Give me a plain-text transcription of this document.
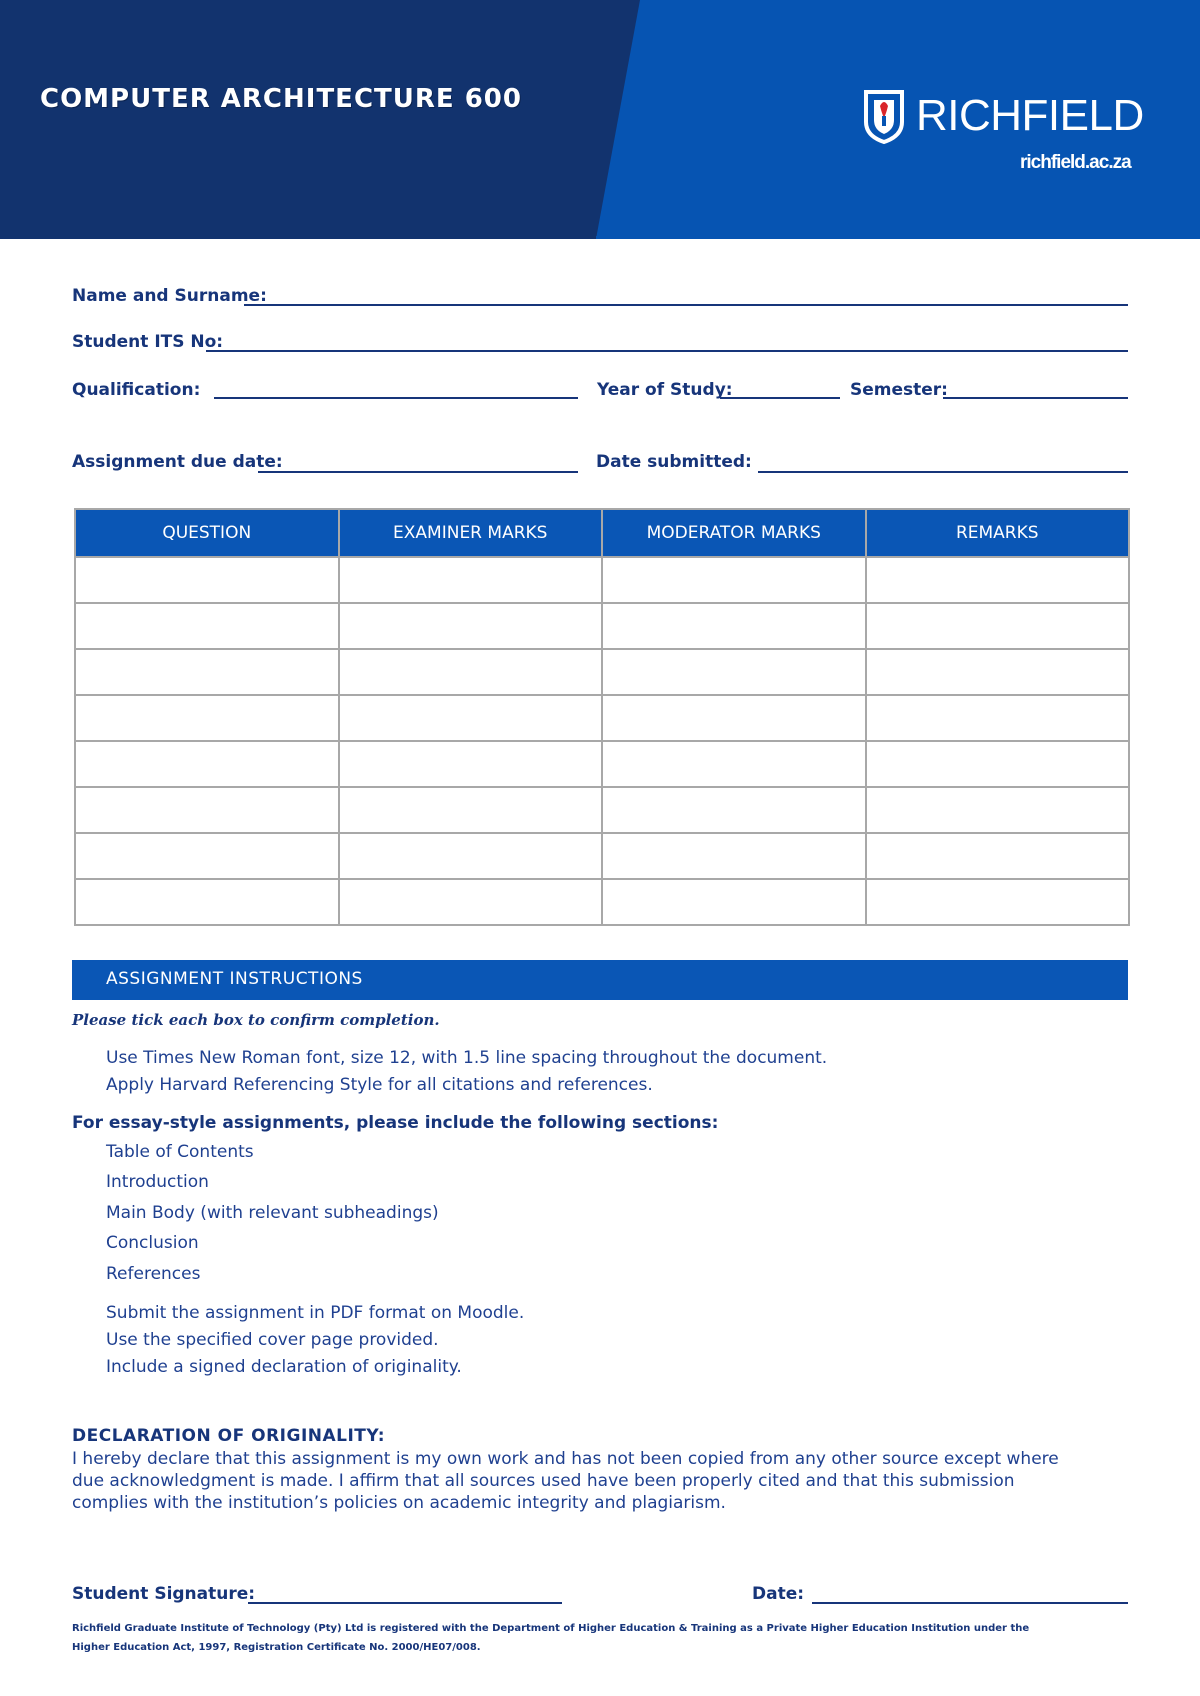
COMPUTER ARCHITECTURE 600	RICHFIELD
richfield.ac.za
Name and Surname:
Student ITS No:
Qualification:	Year of Study:	Semester:
Assignment due date:	Date submitted:
QUESTION	EXAMINER MARKS	MODERATOR MARKS	REMARKS

ASSIGNMENT INSTRUCTIONS
Please tick each box to confirm completion.
Use Times New Roman font, size 12, with 1.5 line spacing throughout the document.
Apply Harvard Referencing Style for all citations and references.
For essay-style assignments, please include the following sections:
Table of Contents
Introduction
Main Body (with relevant subheadings)
Conclusion
References
Submit the assignment in PDF format on Moodle.
Use the specified cover page provided.
Include a signed declaration of originality.
DECLARATION OF ORIGINALITY:
I hereby declare that this assignment is my own work and has not been copied from any other source except where due acknowledgment is made. I affirm that all sources used have been properly cited and that this submission complies with the institution’s policies on academic integrity and plagiarism.
Student Signature:	Date:
Richfield Graduate Institute of Technology (Pty) Ltd is registered with the Department of Higher Education & Training as a Private Higher Education Institution under the Higher Education Act, 1997, Registration Certificate No. 2000/HE07/008.
